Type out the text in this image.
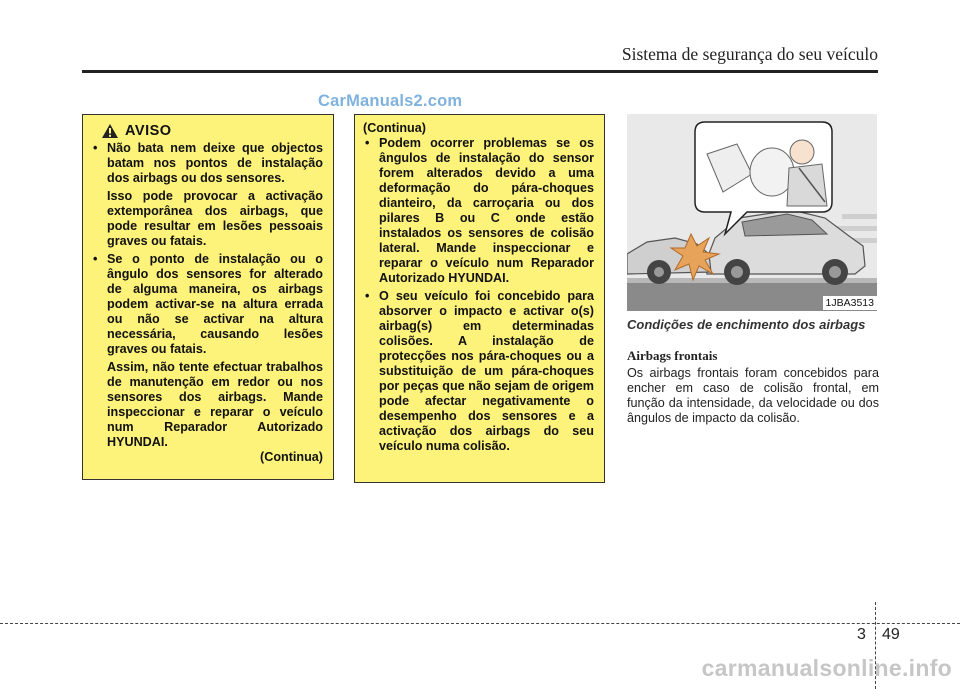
Sistema de segurança do seu veículo
CarManuals2.com
AVISO

• Não bata nem deixe que objectos batam nos pontos de instalação dos airbags ou dos sensores.

Isso pode provocar a activação extemporânea dos airbags, que pode resultar em lesões pessoais graves ou fatais.

• Se o ponto de instalação ou o ângulo dos sensores for alterado de alguma maneira, os airbags podem activar-se na altura errada ou não se activar na altura necessária, causando lesões graves ou fatais.

Assim, não tente efectuar trabalhos de manutenção em redor ou nos sensores dos airbags. Mande inspeccionar e reparar o veículo num Reparador Autorizado HYUNDAI.

(Continua)
(Continua)
• Podem ocorrer problemas se os ângulos de instalação do sensor forem alterados devido a uma deformação do pára-choques dianteiro, da carroçaria ou dos pilares B ou C onde estão instalados os sensores de colisão lateral. Mande inspeccionar e reparar o veículo num Reparador Autorizado HYUNDAI.
• O seu veículo foi concebido para absorver o impacto e activar o(s) airbag(s) em determinadas colisões. A instalação de protecções nos pára-choques ou a substituição de um pára-choques por peças que não sejam de origem pode afectar negativamente o desempenho dos sensores e a activação dos airbags do seu veículo numa colisão.
1JBA3513
Condições de enchimento dos airbags
Airbags frontais
Os airbags frontais foram concebidos para encher em caso de colisão frontal, em função da intensidade, da velocidade ou dos ângulos de impacto da colisão.
3 49
carmanualsonline.info
